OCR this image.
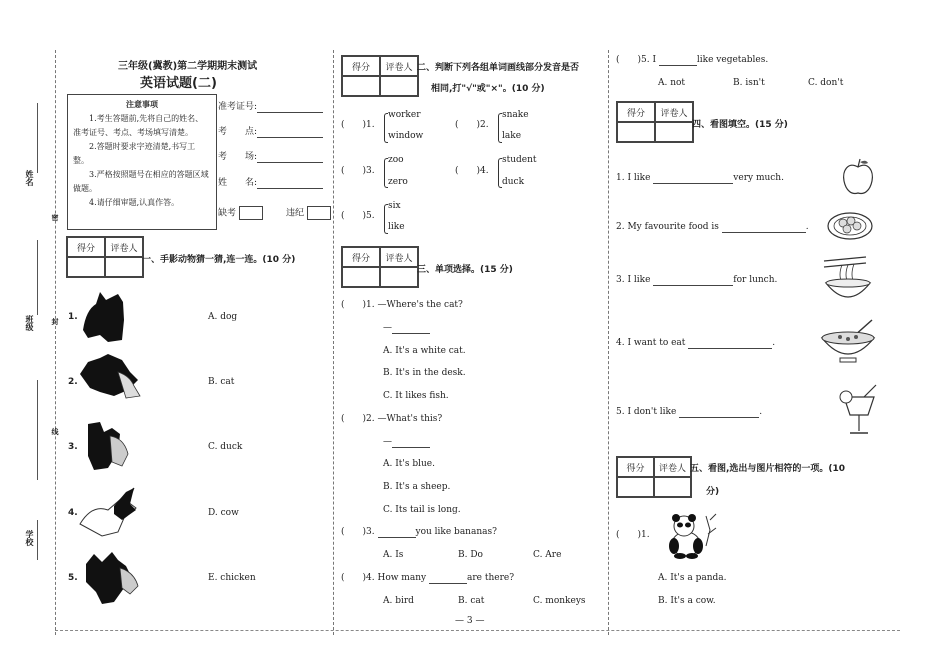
姓名
班级
学校
密
封
线
三年级(冀教)第二学期期末测试
英语试题(二)
注意事项
1.考生答题前,先将自己的姓名、准考证号、考点、考场填写清楚。
2.答题时要求字迹清楚,书写工整。
3.严格按照题号在相应的答题区域做题。
4.请仔细审题,认真作答。
准考证号:
考　　点:
考　　场:
姓　　名:
缺考	违纪
得分	评卷人
一、手影动物猜一猜,连一连。(10 分)
1.	A. dog
2.	B. cat
3.	C. duck
4.	D. cow
5.	E. chicken
得分	评卷人 二、判断下列各组单词画线部分发音是否
相同,打"√"或"×"。(10 分)
(　　)1.
worker
window
(　　)2.
snake
lake
(　　)3.
zoo
zero
(　　)4.
student
duck
(　　)5.
six
like
得分	评卷人
三、单项选择。(15 分)
(　　)1. —Where's the cat?
—
A. It's a white cat.
B. It's in the desk.
C. It likes fish.
(　　)2. —What's this?
—
A. It's blue.
B. It's a sheep.
C. Its tail is long.
(　　)3.	you like bananas?
A. Is	B. Do	C. Are
(　　)4. How many	are there?
A. bird	B. cat	C. monkeys
(　　)5. I	like vegetables.
A. not	B. isn't	C. don't
得分	评卷人
四、看图填空。(15 分)
1. I like	very much.
2. My favourite food is	.
3. I like	for lunch.
4. I want to eat	.
5. I don't like	.
得分	评卷人 五、看图,选出与图片相符的一项。(10
分)
(　　)1.
A. It's a panda.
B. It's a cow.
— 3 —
